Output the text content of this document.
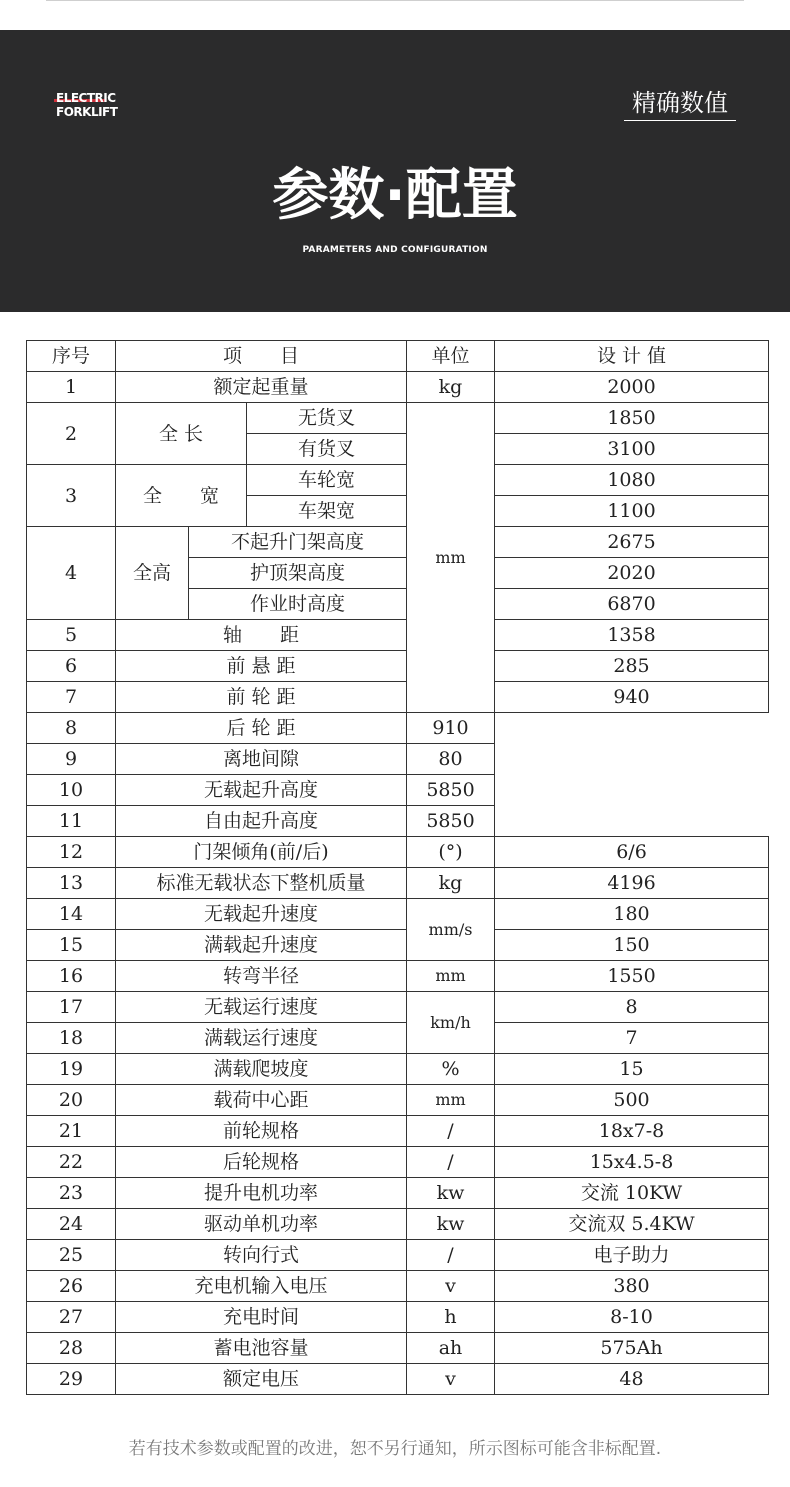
ELECTRIC
FORKLIFT	精确数值
参数·配置
PARAMETERS AND CONFIGURATION
序号	项　　目			单位	设 计 值
1	额定起重量			kg	2000
2	全 长		无货叉	mm	1850
			有货叉		3100
3	全　　宽		车轮宽		1080
			车架宽		1100
4	全高	不起升门架高度			2675
		护顶架高度			2020
		作业时高度			6870
5	轴　　距				1358
6	前 悬 距				285
7	前 轮 距				940
8	后 轮 距			910	
9	离地间隙			80	
10	无载起升高度			5850	
11	自由起升高度			5850	
12	门架倾角(前/后)			(°)	6/6
13	标准无载状态下整机质量			kg	4196
14	无载起升速度			mm/s	180
15	满载起升速度				150
16	转弯半径			mm	1550
17	无载运行速度			km/h	8
18	满载运行速度				7
19	满载爬坡度			%	15
20	载荷中心距			mm	500
21	前轮规格			/	18x7-8
22	后轮规格			/	15x4.5-8
23	提升电机功率			kw	交流 10KW
24	驱动单机功率			kw	交流双 5.4KW
25	转向行式			/	电子助力
26	充电机输入电压			v	380
27	充电时间			h	8-10
28	蓄电池容量			ah	575Ah
29	额定电压			v	48
若有技术参数或配置的改进，恕不另行通知，所示图标可能含非标配置.
